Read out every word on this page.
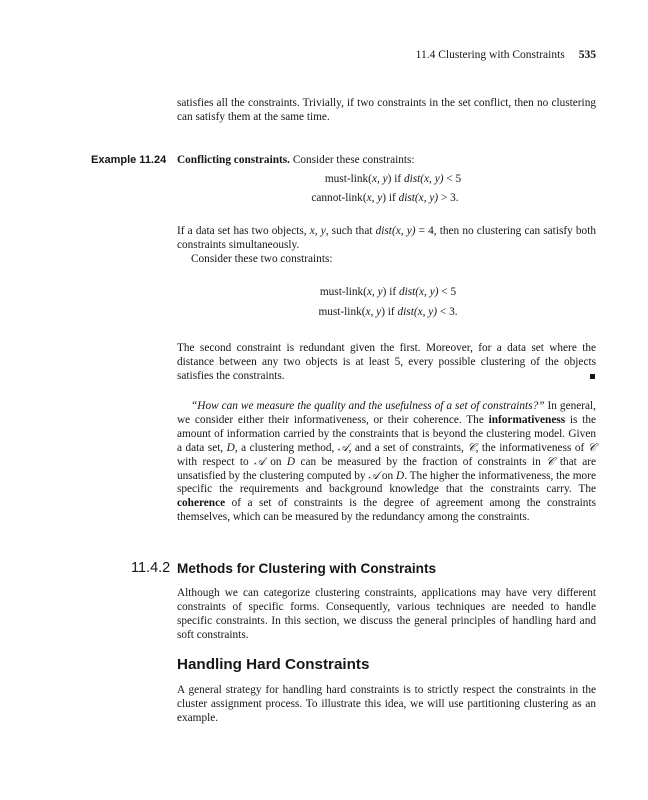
11.4 Clustering with Constraints 535
satisfies all the constraints. Trivially, if two constraints in the set conflict, then no clustering can satisfy them at the same time.
Example 11.24 Conflicting constraints. Consider these constraints:
must-link(x, y) if dist(x, y) < 5
cannot-link(x, y) if dist(x, y) > 3.
If a data set has two objects, x, y, such that dist(x, y) = 4, then no clustering can satisfy both constraints simultaneously.
Consider these two constraints:
must-link(x, y) if dist(x, y) < 5
must-link(x, y) if dist(x, y) < 3.
The second constraint is redundant given the first. Moreover, for a data set where the distance between any two objects is at least 5, every possible clustering of the objects satisfies the constraints.
“How can we measure the quality and the usefulness of a set of constraints?” In general, we consider either their informativeness, or their coherence. The informativeness is the amount of information carried by the constraints that is beyond the clustering model. Given a data set, D, a clustering method, 𝒜, and a set of constraints, 𝒞, the informativeness of 𝒞 with respect to 𝒜 on D can be measured by the fraction of constraints in 𝒞 that are unsatisfied by the clustering computed by 𝒜 on D. The higher the informativeness, the more specific the requirements and background knowledge that the constraints carry. The coherence of a set of constraints is the degree of agreement among the constraints themselves, which can be measured by the redundancy among the constraints.
11.4.2 Methods for Clustering with Constraints
Although we can categorize clustering constraints, applications may have very different constraints of specific forms. Consequently, various techniques are needed to handle specific constraints. In this section, we discuss the general principles of handling hard and soft constraints.
Handling Hard Constraints
A general strategy for handling hard constraints is to strictly respect the constraints in the cluster assignment process. To illustrate this idea, we will use partitioning clustering as an example.
